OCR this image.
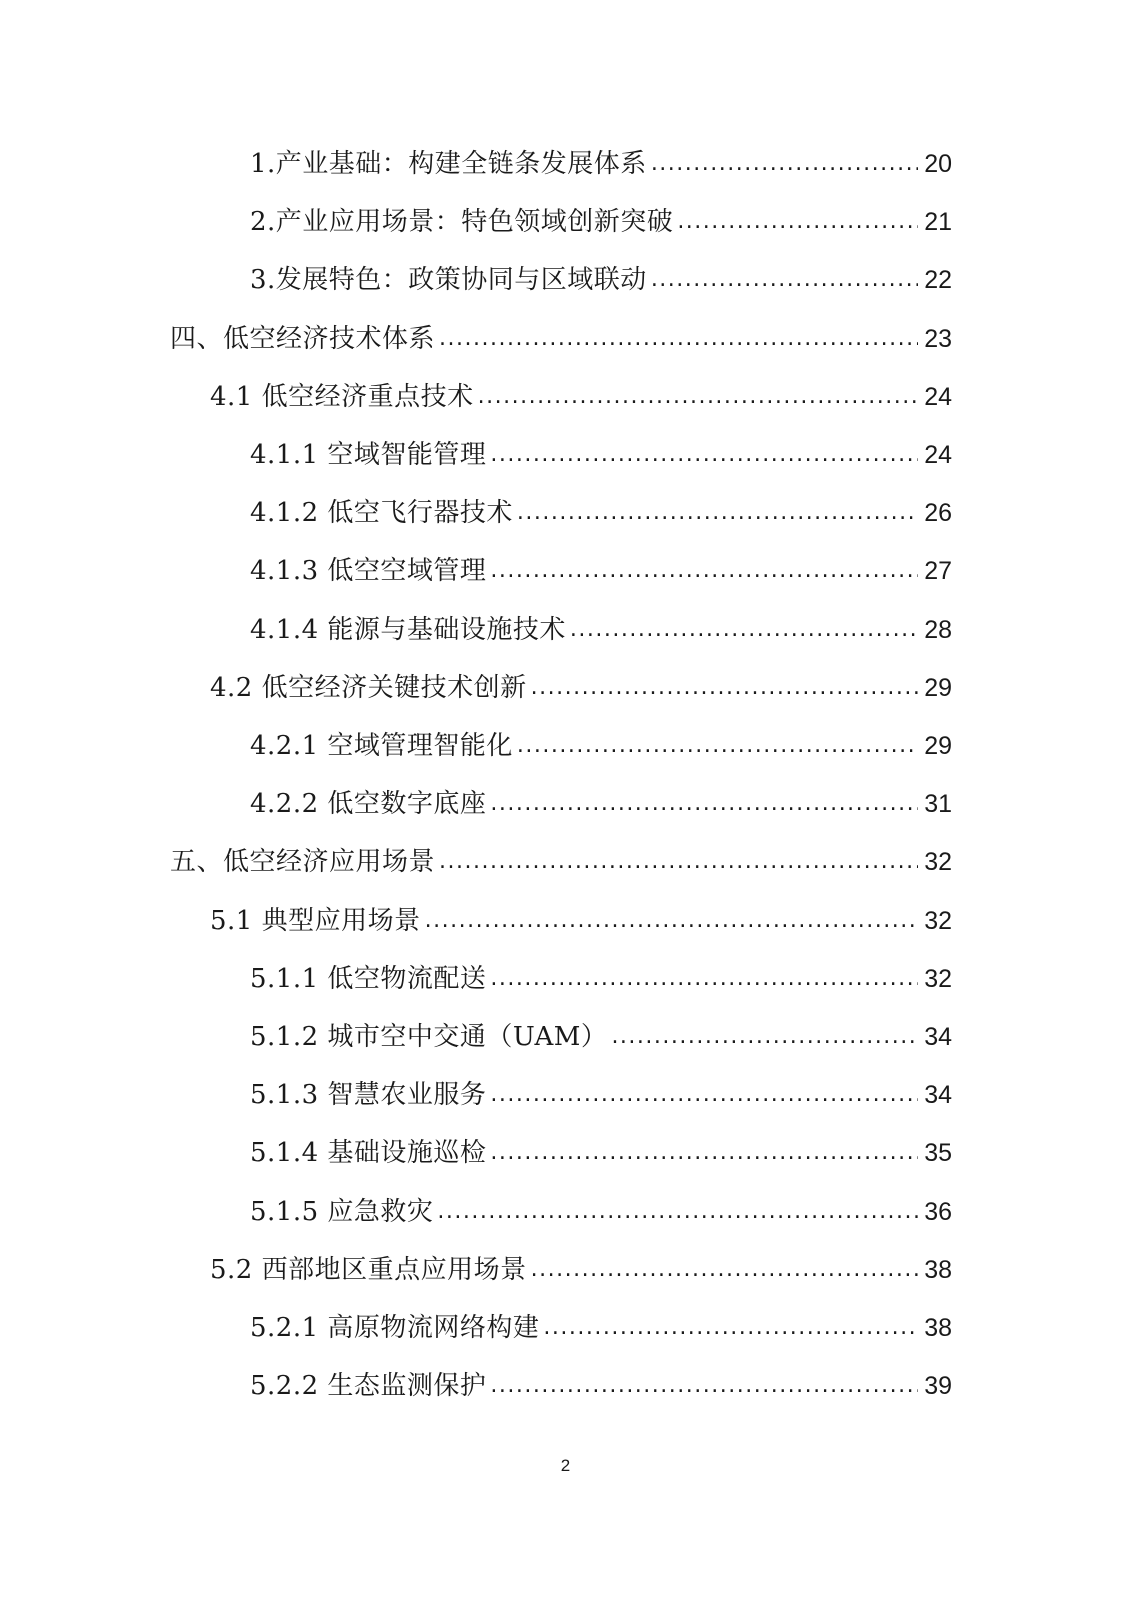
1.产业基础：构建全链条发展体系 .....	20
2.产业应用场景：特色领域创新突破 .....	21
3.发展特色：政策协同与区域联动 .....	22
四、低空经济技术体系 .....	23
4.1 低空经济重点技术 .....	24
4.1.1 空域智能管理 .....	24
4.1.2 低空飞行器技术 .....	26
4.1.3 低空空域管理 .....	27
4.1.4 能源与基础设施技术 .....	28
4.2 低空经济关键技术创新 .....	29
4.2.1 空域管理智能化 .....	29
4.2.2 低空数字底座 .....	31
五、低空经济应用场景 .....	32
5.1 典型应用场景 .....	32
5.1.1 低空物流配送 .....	32
5.1.2 城市空中交通（UAM） .....	34
5.1.3 智慧农业服务 .....	34
5.1.4 基础设施巡检 .....	35
5.1.5 应急救灾 .....	36
5.2 西部地区重点应用场景 .....	38
5.2.1 高原物流网络构建 .....	38
5.2.2 生态监测保护 .....	39
2
